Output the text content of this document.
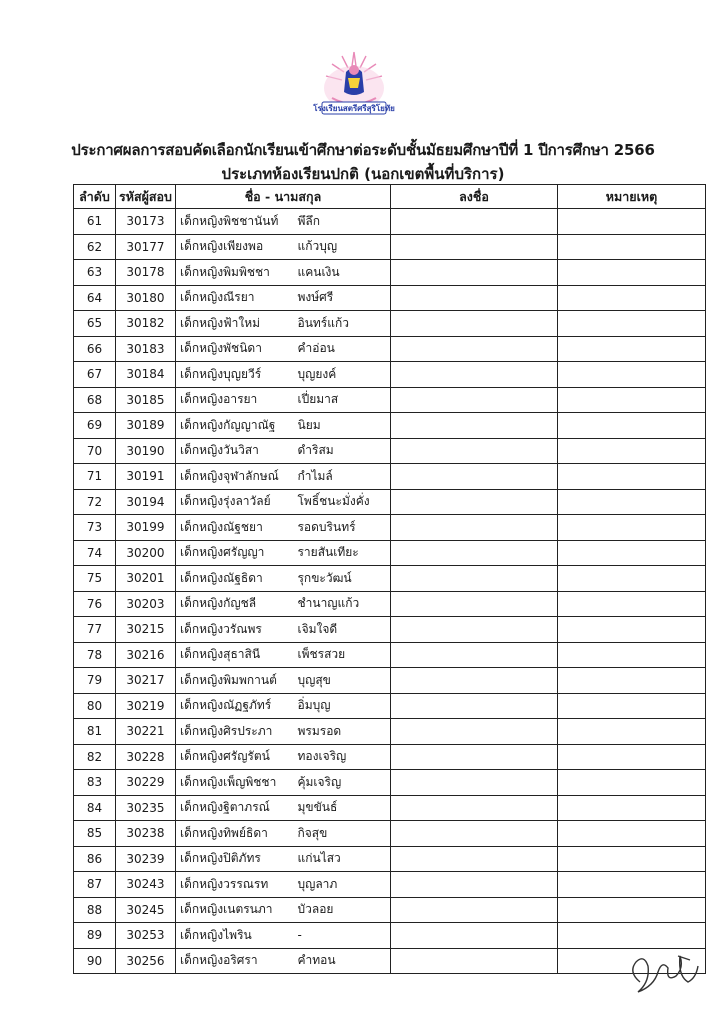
โรงเรียนสตรีศรีสุริโยทัย
ประกาศผลการสอบคัดเลือกนักเรียนเข้าศึกษาต่อระดับชั้นมัธยมศึกษาปีที่ 1 ปีการศึกษา 2566
ประเภทห้องเรียนปกติ (นอกเขตพื้นที่บริการ)
ลำดับ	รหัสผู้สอบ	ชื่อ - นามสกุล		ลงชื่อ	หมายเหตุ
61	30173	เด็กหญิงพิชชานันท์	พึลึก		
62	30177	เด็กหญิงเพียงพอ	แก้วบุญ		
63	30178	เด็กหญิงพิมพิชชา	แคนเงิน		
64	30180	เด็กหญิงณีรยา	พงษ์ศรี		
65	30182	เด็กหญิงฟ้าใหม่	อินทร์แก้ว		
66	30183	เด็กหญิงพัชนิดา	คำอ่อน		
67	30184	เด็กหญิงบุญยวีร์	บุญยงค์		
68	30185	เด็กหญิงอารยา	เปี่ยมาส		
69	30189	เด็กหญิงกัญญาณัฐ	นิยม		
70	30190	เด็กหญิงวันวิสา	ดำริสม		
71	30191	เด็กหญิงจุฬาลักษณ์	กำไมล์		
72	30194	เด็กหญิงรุ่งลาวัลย์	โพธิ์ชนะมั่งคั่ง		
73	30199	เด็กหญิงณัฐชยา	รอดบรินทร์		
74	30200	เด็กหญิงศรัญญา	รายสันเทียะ		
75	30201	เด็กหญิงณัฐธิดา	รุกขะวัฒน์		
76	30203	เด็กหญิงกัญชลี	ชำนาญแก้ว		
77	30215	เด็กหญิงวรัณพร	เจิมใจดี		
78	30216	เด็กหญิงสุธาสินี	เพ็ชรสวย		
79	30217	เด็กหญิงพิมพกานต์	บุญสุข		
80	30219	เด็กหญิงณัฏฐภัทร์	อิ่มบุญ		
81	30221	เด็กหญิงศิรประภา	พรมรอด		
82	30228	เด็กหญิงศรัญรัตน์	ทองเจริญ		
83	30229	เด็กหญิงเพ็ญพิชชา	คุ้มเจริญ		
84	30235	เด็กหญิงฐิตาภรณ์	มุขขันธ์		
85	30238	เด็กหญิงทิพย์ธิดา	กิจสุข		
86	30239	เด็กหญิงปิติภัทร	แก่นไสว		
87	30243	เด็กหญิงวรรณรท	บุญลาภ		
88	30245	เด็กหญิงเนตรนภา	บัวลอย		
89	30253	เด็กหญิงไพริน	-		
90	30256	เด็กหญิงอริศรา	คำทอน		
